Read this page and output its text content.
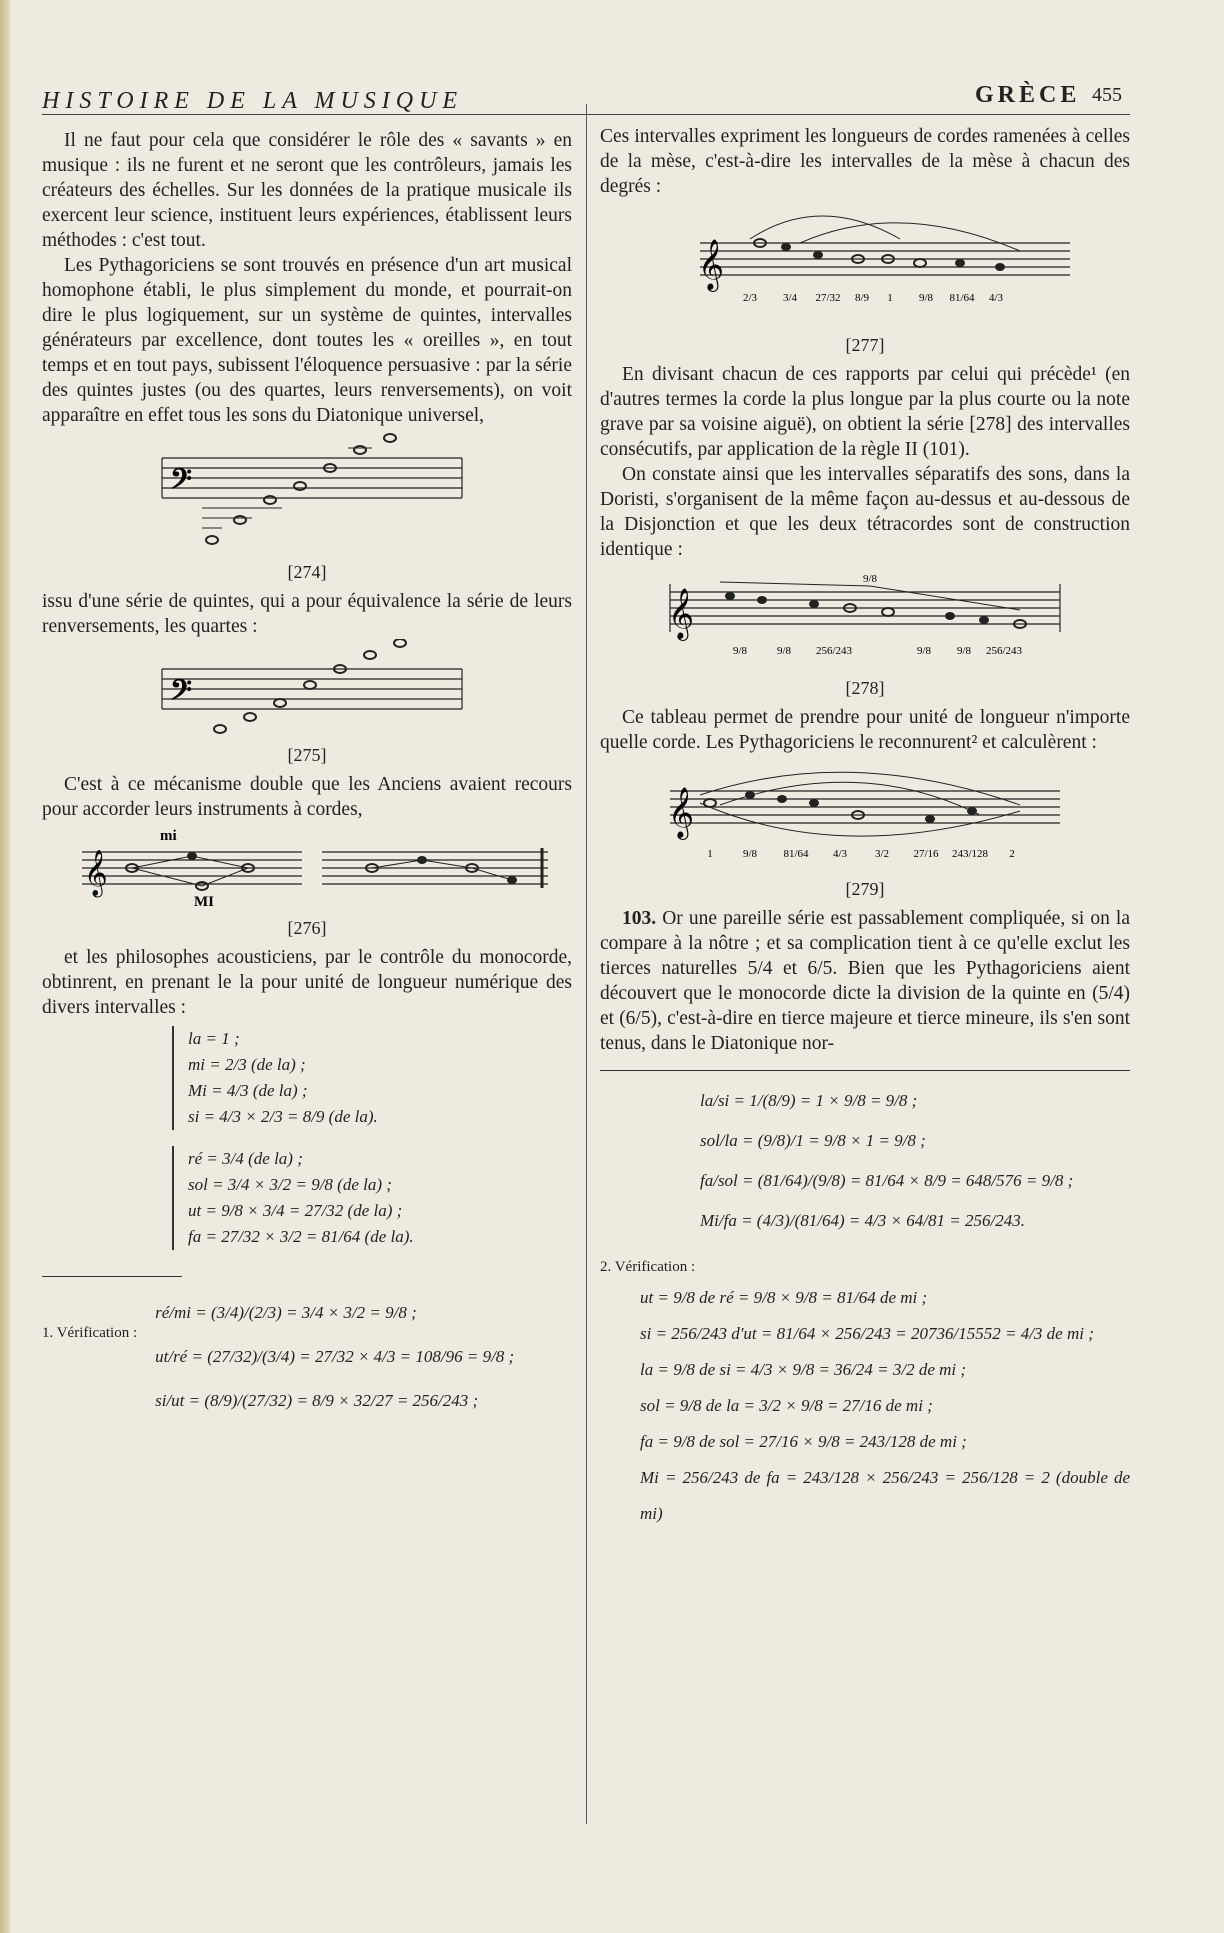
HISTOIRE DE LA MUSIQUE	GRÈCE 455

Il ne faut pour cela que considérer le rôle des « savants » en musique : ils ne furent et ne seront que les contrôleurs, jamais les créateurs des échelles. Sur les données de la pratique musicale ils exercent leur science, instituent leurs expériences, établissent leurs méthodes : c'est tout.

Les Pythagoriciens se sont trouvés en présence d'un art musical homophone établi, le plus simplement du monde, et pourrait-on dire le plus logiquement, sur un système de quintes, intervalles générateurs par excellence, dont toutes les « oreilles », en tout temps et en tout pays, subissent l'éloquence persuasive : par la série des quintes justes (ou des quartes, leurs renversements), on voit apparaître en effet tous les sons du Diatonique universel,

𝄢
[274]

issu d'une série de quintes, qui a pour équivalence la série de leurs renversements, les quartes :

𝄢
[275]

C'est à ce mécanisme double que les Anciens avaient recours pour accorder leurs instruments à cordes,

𝄞
mi
MI
[276]

et les philosophes acousticiens, par le contrôle du monocorde, obtinrent, en prenant le la pour unité de longueur numérique des divers intervalles :

la = 1 ;
mi = 2/3 (de la) ;
Mi = 4/3 (de la) ;
si = 4/3 × 2/3 = 8/9 (de la).
ré = 3/4 (de la) ;
sol = 3/4 × 3/2 = 9/8 (de la) ;
ut = 9/8 × 3/4 = 27/32 (de la) ;
fa = 27/32 × 3/2 = 81/64 (de la).
1. Vérification :
ré/mi = (3/4)/(2/3) = 3/4 × 3/2 = 9/8 ;
ut/ré = (27/32)/(3/4) = 27/32 × 4/3 = 108/96 = 9/8 ;
si/ut = (8/9)/(27/32) = 8/9 × 32/27 = 256/243 ;

Ces intervalles expriment les longueurs de cordes ramenées à celles de la mèse, c'est-à-dire les intervalles de la mèse à chacun des degrés :

𝄞
2/3 3/4 27/32 8/9 1 9/8 81/64 4/3
[277]

En divisant chacun de ces rapports par celui qui précède¹ (en d'autres termes la corde la plus longue par la plus courte ou la note grave par sa voisine aiguë), on obtient la série [278] des intervalles consécutifs, par application de la règle II (101).

On constate ainsi que les intervalles séparatifs des sons, dans la Doristi, s'organisent de la même façon au-dessus et au-dessous de la Disjonction et que les deux tétracordes sont de construction identique :

𝄞
9/8	9/8 256/243
9/8
9/8 9/8 256/243
[278]

Ce tableau permet de prendre pour unité de longueur n'importe quelle corde. Les Pythagoriciens le reconnurent² et calculèrent :

𝄞
1	9/8 81/64 4/3	3/2 27/16 243/128 2
[279]

103. Or une pareille série est passablement compliquée, si on la compare à la nôtre ; et sa complication tient à ce qu'elle exclut les tierces naturelles 5/4 et 6/5. Bien que les Pythagoriciens aient découvert que le monocorde dicte la division de la quinte en (5/4) et (6/5), c'est-à-dire en tierce majeure et tierce mineure, ils s'en sont tenus, dans le Diatonique nor-

la/si = 1/(8/9) = 1 × 9/8 = 9/8 ;
sol/la = (9/8)/1 = 9/8 × 1 = 9/8 ;
fa/sol = (81/64)/(9/8) = 81/64 × 8/9 = 648/576 = 9/8 ;
Mi/fa = (4/3)/(81/64) = 4/3 × 64/81 = 256/243.
2. Vérification :
ut = 9/8 de ré = 9/8 × 9/8 = 81/64 de mi ;
si = 256/243 d'ut = 81/64 × 256/243 = 20736/15552 = 4/3 de mi ;
la = 9/8 de si = 4/3 × 9/8 = 36/24 = 3/2 de mi ;
sol = 9/8 de la = 3/2 × 9/8 = 27/16 de mi ;
fa = 9/8 de sol = 27/16 × 9/8 = 243/128 de mi ;
Mi = 256/243 de fa = 243/128 × 256/243 = 256/128 = 2 (double de mi)
